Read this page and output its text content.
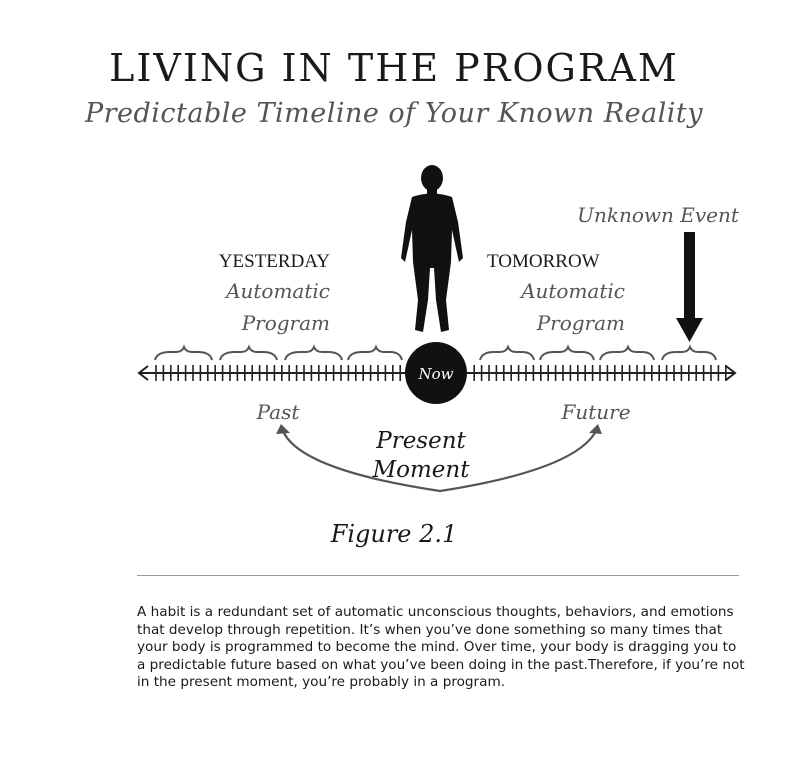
LIVING IN THE PROGRAM
Predictable Timeline of Your Known Reality
Unknown Event
YESTERDAY
Automatic
Program
TOMORROW
Automatic
Program
Now
Past	Future
Present
Moment
Figure 2.1
A habit is a redundant set of automatic unconscious thoughts, behaviors, and emotions that develop through repetition. It’s when you’ve done something so many times that your body is programmed to become the mind. Over time, your body is dragging you to a predictable future based on what you’ve been doing in the past.Therefore, if you’re not in the present moment, you’re probably in a program.
